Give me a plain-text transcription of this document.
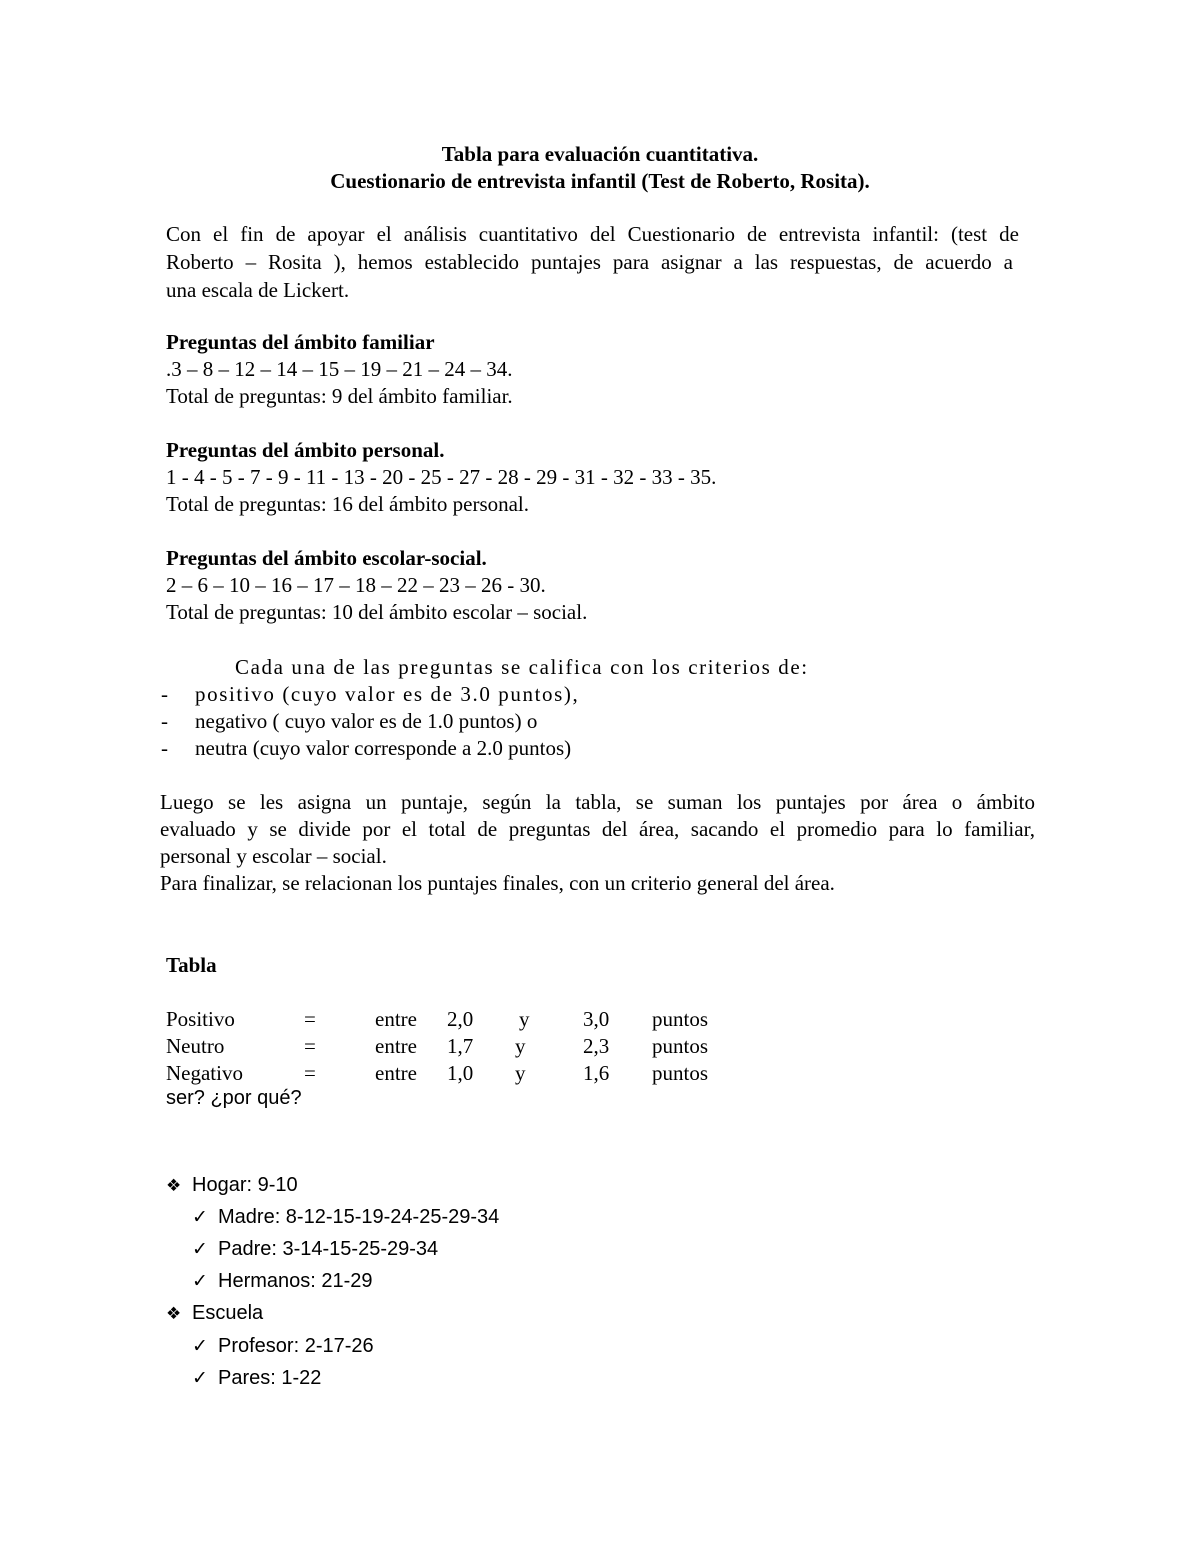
Tabla para evaluación cuantitativa.
Cuestionario de entrevista infantil (Test de Roberto, Rosita).
Con el fin de apoyar el análisis cuantitativo del Cuestionario de entrevista infantil: (test de
Roberto – Rosita ), hemos establecido puntajes para asignar a las respuestas, de acuerdo a
una escala de Lickert.
Preguntas del ámbito familiar
.3 – 8 – 12 – 14 – 15 – 19 – 21 – 24 – 34.
Total de preguntas: 9 del ámbito familiar.
Preguntas del ámbito personal.
1 - 4 - 5 - 7 - 9 - 11 - 13 - 20 - 25 - 27 - 28 - 29 - 31 - 32 - 33 - 35.
Total de preguntas: 16 del ámbito personal.
Preguntas del ámbito escolar-social.
2 – 6 – 10 – 16 – 17 – 18 – 22 – 23 – 26 - 30.
Total de preguntas: 10 del ámbito escolar – social.
Cada una de las preguntas se califica con los criterios de:
- positivo (cuyo valor es de 3.0 puntos),
- negativo ( cuyo valor es de 1.0 puntos) o
- neutra (cuyo valor corresponde a 2.0 puntos)
Luego se les asigna un puntaje, según la tabla, se suman los puntajes por área o ámbito
evaluado y se divide por el total de preguntas del área, sacando el promedio para lo familiar,
personal y escolar – social.
Para finalizar, se relacionan los puntajes finales, con un criterio general del área.
Tabla
Positivo	=	entre 2,0 y	3,0 puntos
Neutro	=	entre 1,7 y	2,3 puntos
Negativo	=	entre 1,0 y	1,6 puntos
ser? ¿por qué?
❖ Hogar: 9-10
✓ Madre: 8-12-15-19-24-25-29-34
✓ Padre: 3-14-15-25-29-34
✓ Hermanos: 21-29
❖ Escuela
✓ Profesor: 2-17-26
✓ Pares: 1-22
